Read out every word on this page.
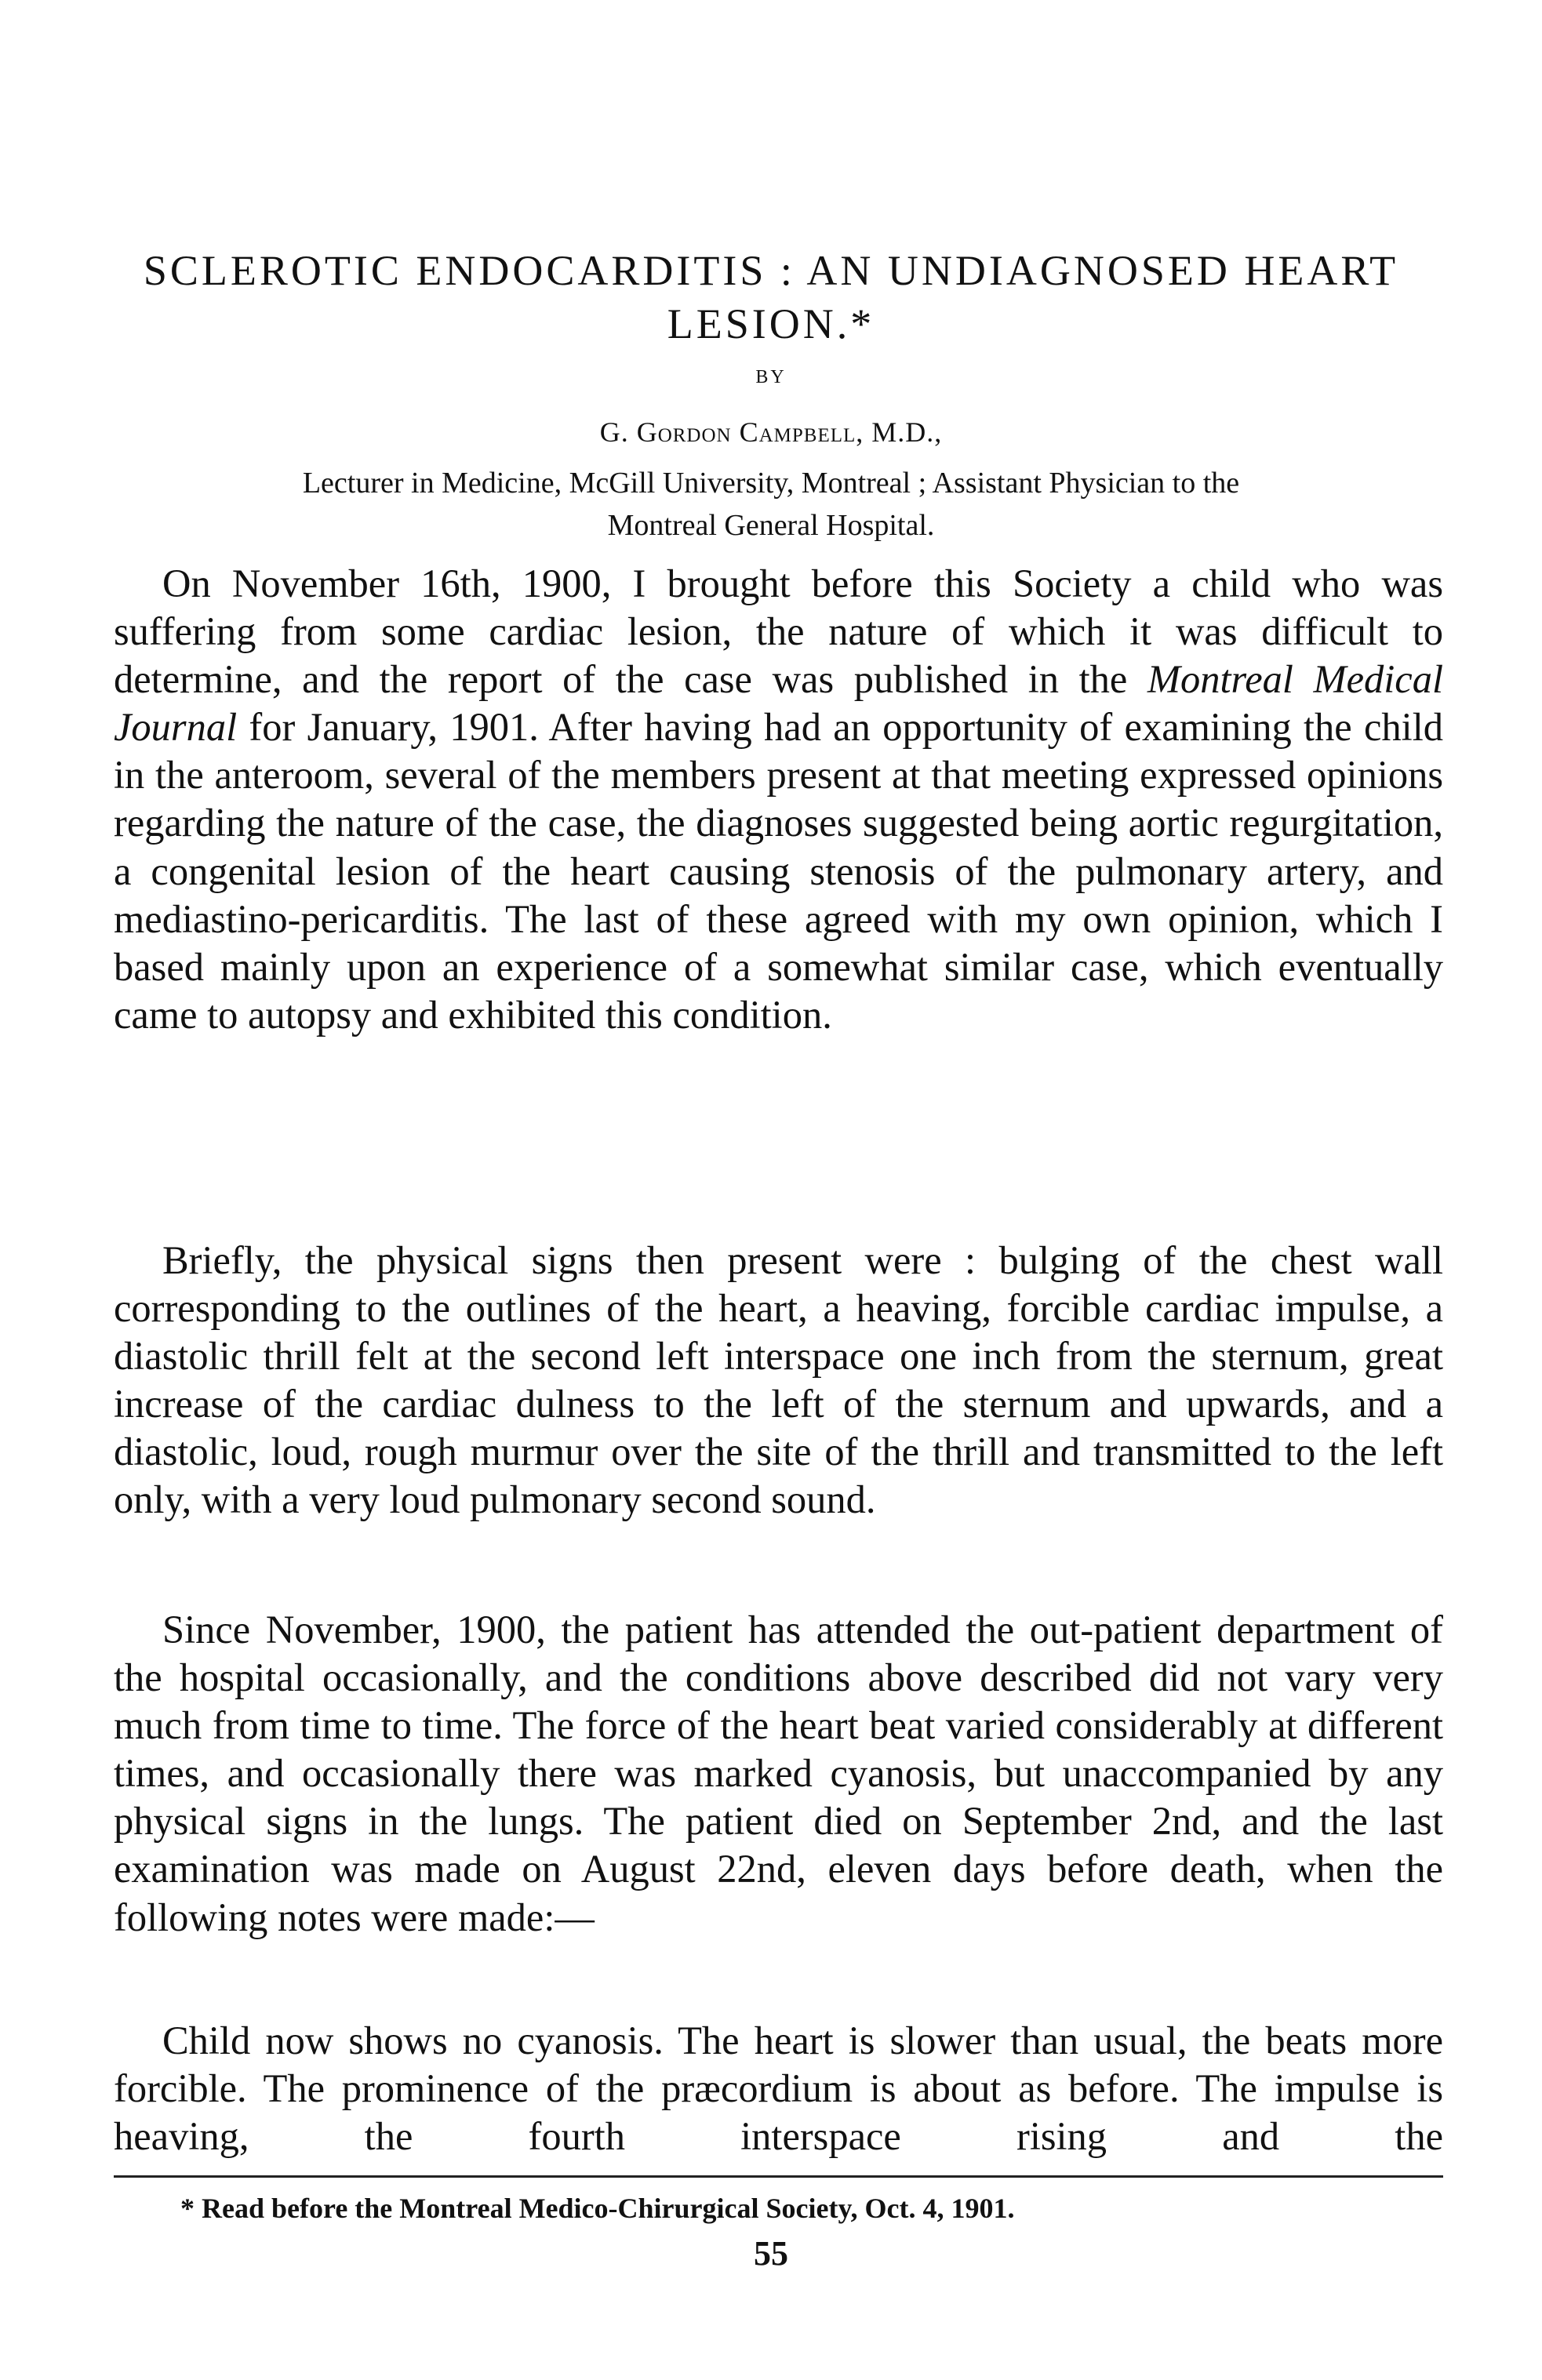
SCLEROTIC ENDOCARDITIS : AN UNDIAGNOSED HEART
LESION.*
BY
G. Gordon Campbell, M.D.,
Lecturer in Medicine, McGill University, Montreal ; Assistant Physician to the
Montreal General Hospital.

On November 16th, 1900, I brought before this Society a child who was suffering from some cardiac lesion, the nature of which it was difficult to determine, and the report of the case was published in the Montreal Medical Journal for January, 1901. After having had an opportunity of examining the child in the anteroom, several of the members present at that meeting expressed opinions regarding the nature of the case, the diagnoses suggested being aortic regurgitation, a congenital lesion of the heart causing stenosis of the pulmonary artery, and mediastino-pericarditis. The last of these agreed with my own opinion, which I based mainly upon an experience of a somewhat similar case, which eventually came to autopsy and exhibited this condition.

Briefly, the physical signs then present were : bulging of the chest wall corresponding to the outlines of the heart, a heaving, forcible cardiac impulse, a diastolic thrill felt at the second left interspace one inch from the sternum, great increase of the cardiac dulness to the left of the sternum and upwards, and a diastolic, loud, rough murmur over the site of the thrill and transmitted to the left only, with a very loud pulmonary second sound.

Since November, 1900, the patient has attended the out-patient department of the hospital occasionally, and the conditions above described did not vary very much from time to time. The force of the heart beat varied considerably at different times, and occasionally there was marked cyanosis, but unaccompanied by any physical signs in the lungs. The patient died on September 2nd, and the last examination was made on August 22nd, eleven days before death, when the following notes were made:—

Child now shows no cyanosis. The heart is slower than usual, the beats more forcible. The prominence of the præcordium is about as before. The impulse is heaving, the fourth interspace rising and the

* Read before the Montreal Medico-Chirurgical Society, Oct. 4, 1901.
55
